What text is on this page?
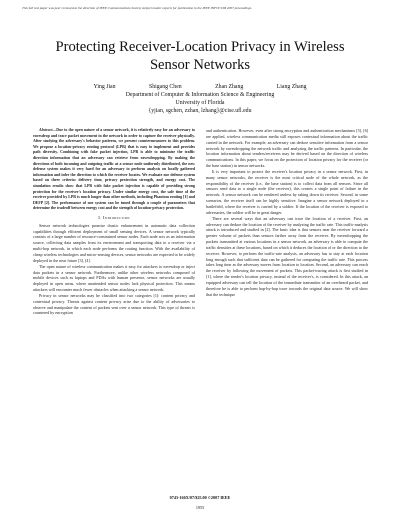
This full text paper was peer reviewed at the direction of IEEE Communications Society subject matter experts for publication in the IEEE INFOCOM 2007 proceedings.
Protecting Receiver-Location Privacy in Wireless
Sensor Networks
Ying Jian	Shigang Chen	Zhan Zhang	Liang Zhang
Department of Computer & Information Science & Engineering
University of Florida
{yjian, sgchen, zzhan, lzhang}@cise.ufl.edu

Abstract—Due to the open nature of a sensor network, it is relatively easy for an adversary to eavesdrop and trace packet movement in the network in order to capture the receiver physically. After studying the adversary's behavior patterns, we present countermeasures to this problem. We propose a location-privacy routing protocol (LPR) that is easy to implement and provides path diversity. Combining with fake packet injection, LPR is able to minimize the traffic direction information that an adversary can retrieve from eavesdropping. By making the directions of both incoming and outgoing traffic at a sensor node uniformly distributed, the new defense system makes it very hard for an adversary to perform analysis on locally gathered information and infer the direction to which the receiver locates. We evaluate our defense system based on three criteria: delivery time, privacy protection strength, and energy cost. The simulation results show that LPR with fake packet injection is capable of providing strong protection for the receiver's location privacy. Under similar energy cost, the safe time of the receiver provided by LPR is much longer than other methods, including Phantom routing [1] and DEFP [2]. The performance of our system can be tuned through a couple of parameters that determine the tradeoff between energy cost and the strength of location-privacy protection.

I. Introduction

Sensor network technologies promise drastic enhancement in automatic data collection capabilities through efficient deployment of small sensing devices. A sensor network typically consists of a large number of resource-constrained sensor nodes. Each node acts as an information source, collecting data samples from its environment and transporting data to a receiver via a multi-hop network, in which each node performs the routing function. With the availability of cheap wireless technologies and micro-sensing devices, sensor networks are expected to be widely deployed in the near future [3], [4].

The open nature of wireless communication makes it easy for attackers to eavesdrop or inject data packets in a sensor network. Furthermore, unlike other wireless networks composed of mobile devices such as laptops and PDAs with human presence, sensor networks are usually deployed in open areas, where unattended sensor nodes lack physical protection. This means attackers will encounter much fewer obstacles when attacking a sensor network.

Privacy in sensor networks may be classified into two categories [1]: content privacy and contextual privacy. Threats against content privacy arise due to the ability of adversaries to observe and manipulate the content of packets sent over a sensor network. This type of threats is countered by encryption

and authentication. However, even after strong encryption and authentication mechanisms [5], [6] are applied, wireless communication media still exposes contextual information about the traffic carried in the network. For example, an adversary can deduce sensitive information from a sensor network by eavesdropping the network traffic and analyzing the traffic patterns. In particular, the location information about senders/receivers may be derived based on the direction of wireless communications. In this paper, we focus on the protection of location privacy for the receiver (or the base station) in sensor networks.

It is very important to protect the receiver's location privacy in a sensor network. First, in many sensor networks, the receiver is the most critical node of the whole network, as the responsibility of the receiver (i.e., the base station) is to collect data from all sensors. Since all sensors send data to a single node (the receiver), this creates a single point of failure in the network. A sensor network can be rendered useless by taking down its receiver. Second, in some scenarios, the receiver itself can be highly sensitive. Imagine a sensor network deployed in a battlefield, where the receiver is carried by a soldier. If the location of the receiver is exposed to adversaries, the soldier will be in great danger.

There are several ways that an adversary can trace the location of a receiver. First, an adversary can deduce the location of the receiver by analyzing the traffic rate. This traffic-analysis attack is introduced and studied in [2]. The basic idea is that sensors near the receiver forward a greater volume of packets than sensors farther away from the receiver. By eavesdropping the packets transmitted at various locations in a sensor network, an adversary is able to compute the traffic densities at these locations, based on which it deduces the location of or the direction to the receiver. However, to perform the traffic-rate analysis, an adversary has to stay at each location long enough such that sufficient data can be gathered for computing the traffic rate. This process takes long time as the adversary moves from location to location. Second, an adversary can reach the receiver by following the movement of packets. This packet-tracing attack is first studied in [1], where the sender's location privacy, instead of the receiver's, is considered. In this attack, an equipped adversary can tell the location of the immediate transmitter of an overheard packet, and therefore he is able to perform hop-by-hop trace towards the original data source. We will show that the technique

0743-166X/07/$25.00 ©2007 IEEE
1955
